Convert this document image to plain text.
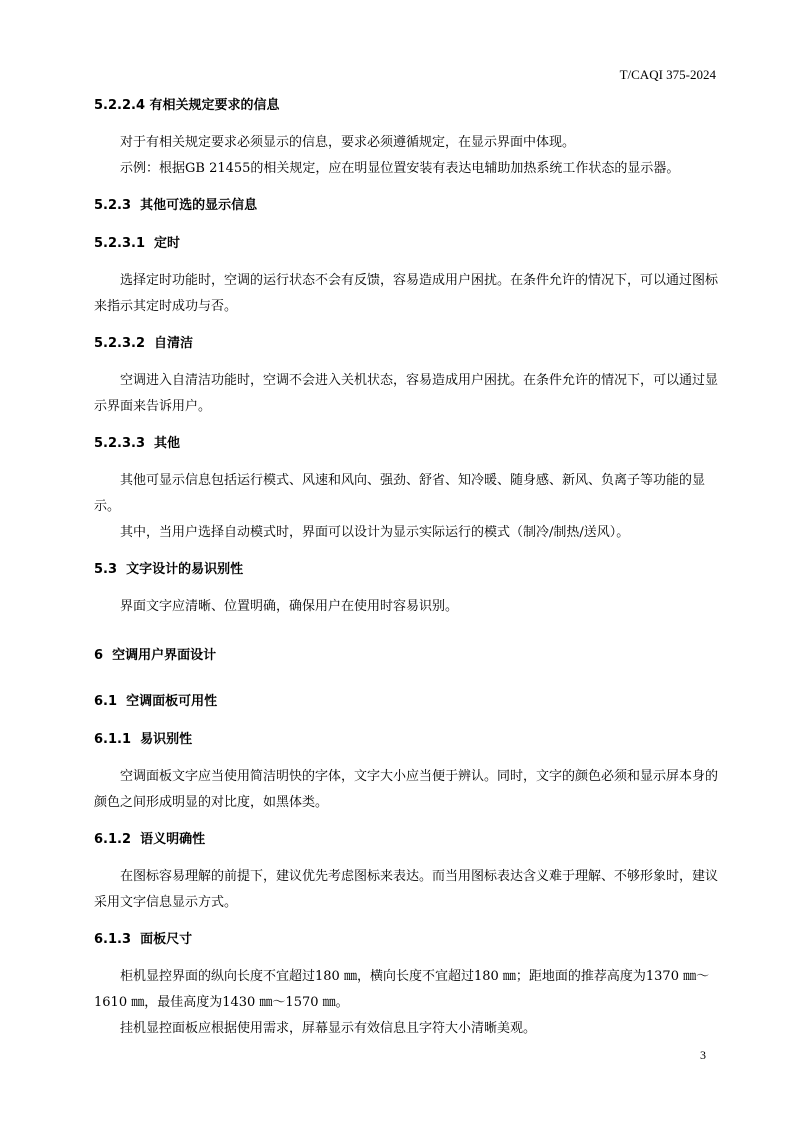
T/CAQI 375-2024
5.2.2.4 有相关规定要求的信息

对于有相关规定要求必须显示的信息，要求必须遵循规定，在显示界面中体现。

示例：根据GB 21455的相关规定，应在明显位置安装有表达电辅助加热系统工作状态的显示器。

5.2.3  其他可选的显示信息
5.2.3.1  定时

选择定时功能时，空调的运行状态不会有反馈，容易造成用户困扰。在条件允许的情况下，可以通过图标来指示其定时成功与否。

5.2.3.2  自清洁

空调进入自清洁功能时，空调不会进入关机状态，容易造成用户困扰。在条件允许的情况下，可以通过显示界面来告诉用户。

5.2.3.3  其他

其他可显示信息包括运行模式、风速和风向、强劲、舒省、知冷暖、随身感、新风、负离子等功能的显示。

其中，当用户选择自动模式时，界面可以设计为显示实际运行的模式（制冷/制热/送风）。

5.3  文字设计的易识别性

界面文字应清晰、位置明确，确保用户在使用时容易识别。

6  空调用户界面设计
6.1  空调面板可用性
6.1.1  易识别性

空调面板文字应当使用简洁明快的字体，文字大小应当便于辨认。同时，文字的颜色必须和显示屏本身的颜色之间形成明显的对比度，如黑体类。

6.1.2  语义明确性

在图标容易理解的前提下，建议优先考虑图标来表达。而当用图标表达含义难于理解、不够形象时，建议采用文字信息显示方式。

6.1.3  面板尺寸

柜机显控界面的纵向长度不宜超过180 ㎜，横向长度不宜超过180 ㎜；距地面的推荐高度为1370 ㎜～1610 ㎜，最佳高度为1430 ㎜～1570 ㎜。

挂机显控面板应根据使用需求，屏幕显示有效信息且字符大小清晰美观。

3
